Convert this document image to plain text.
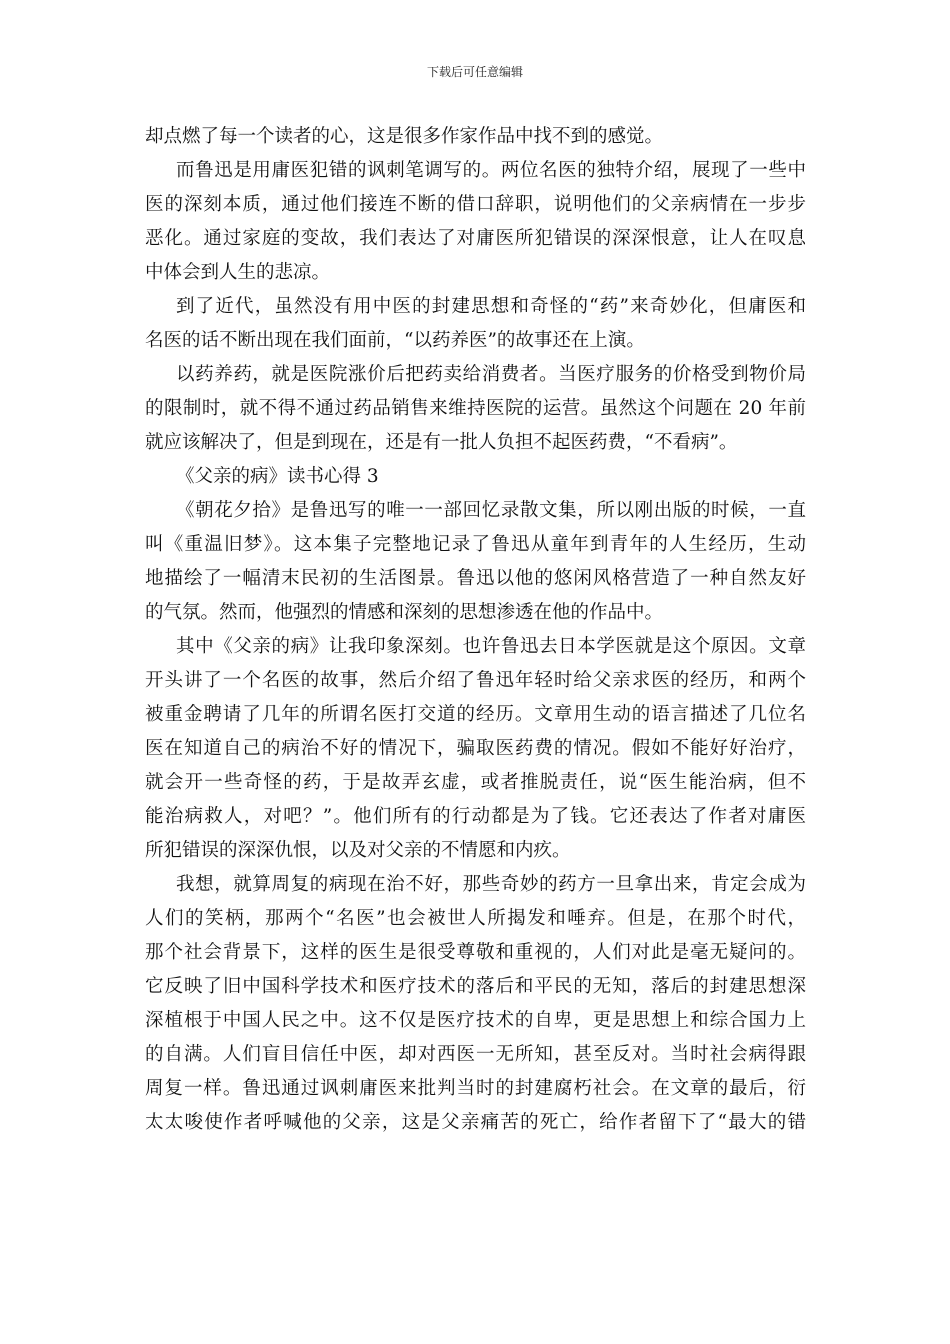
下载后可任意编辑
却点燃了每一个读者的心，这是很多作家作品中找不到的感觉。
而鲁迅是用庸医犯错的讽刺笔调写的。两位名医的独特介绍，展现了一些中
医的深刻本质，通过他们接连不断的借口辞职，说明他们的父亲病情在一步步
恶化。通过家庭的变故，我们表达了对庸医所犯错误的深深恨意，让人在叹息
中体会到人生的悲凉。
到了近代，虽然没有用中医的封建思想和奇怪的“药”来奇妙化，但庸医和
名医的话不断出现在我们面前，“以药养医”的故事还在上演。
以药养药，就是医院涨价后把药卖给消费者。当医疗服务的价格受到物价局
的限制时，就不得不通过药品销售来维持医院的运营。虽然这个问题在 20 年前
就应该解决了，但是到现在，还是有一批人负担不起医药费，“不看病”。
《父亲的病》读书心得 3
《朝花夕拾》是鲁迅写的唯一一部回忆录散文集，所以刚出版的时候，一直
叫《重温旧梦》。这本集子完整地记录了鲁迅从童年到青年的人生经历，生动
地描绘了一幅清末民初的生活图景。鲁迅以他的悠闲风格营造了一种自然友好
的气氛。然而，他强烈的情感和深刻的思想渗透在他的作品中。
其中《父亲的病》让我印象深刻。也许鲁迅去日本学医就是这个原因。文章
开头讲了一个名医的故事，然后介绍了鲁迅年轻时给父亲求医的经历，和两个
被重金聘请了几年的所谓名医打交道的经历。文章用生动的语言描述了几位名
医在知道自己的病治不好的情况下，骗取医药费的情况。假如不能好好治疗，
就会开一些奇怪的药，于是故弄玄虚，或者推脱责任，说“医生能治病，但不
能治病救人，对吧？”。他们所有的行动都是为了钱。它还表达了作者对庸医
所犯错误的深深仇恨，以及对父亲的不情愿和内疚。
我想，就算周复的病现在治不好，那些奇妙的药方一旦拿出来，肯定会成为
人们的笑柄，那两个“名医”也会被世人所揭发和唾弃。但是，在那个时代，
那个社会背景下，这样的医生是很受尊敬和重视的，人们对此是毫无疑问的。
它反映了旧中国科学技术和医疗技术的落后和平民的无知，落后的封建思想深
深植根于中国人民之中。这不仅是医疗技术的自卑，更是思想上和综合国力上
的自满。人们盲目信任中医，却对西医一无所知，甚至反对。当时社会病得跟
周复一样。鲁迅通过讽刺庸医来批判当时的封建腐朽社会。在文章的最后，衍
太太唆使作者呼喊他的父亲，这是父亲痛苦的死亡，给作者留下了“最大的错
